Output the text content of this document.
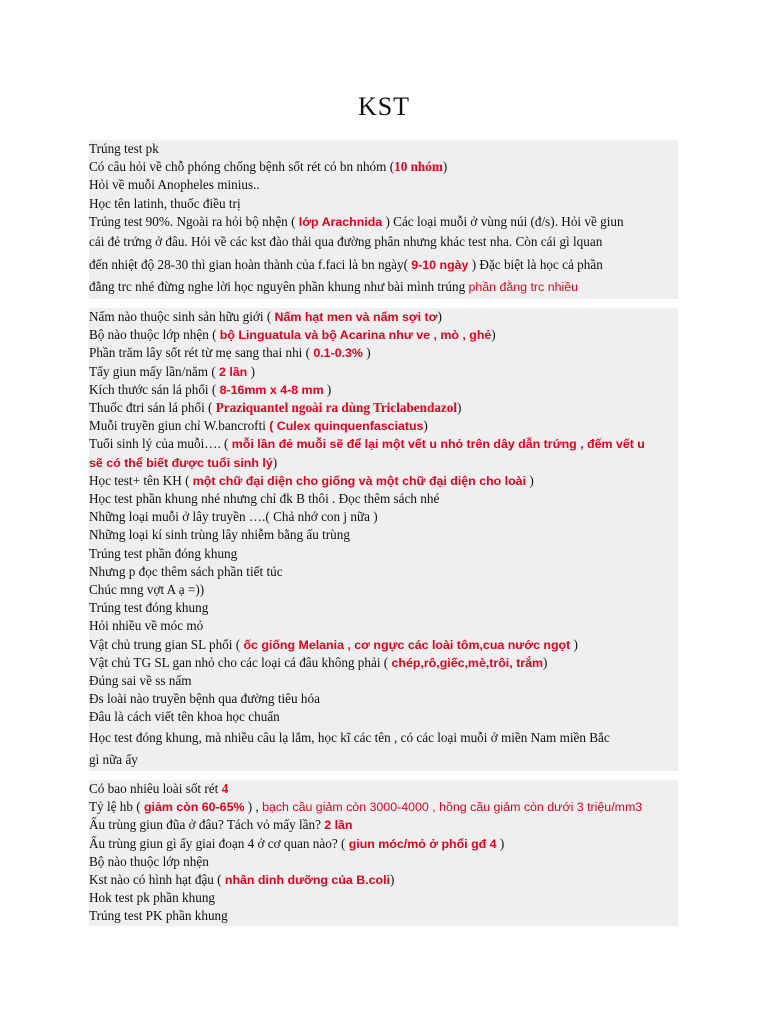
KST
Trúng test pk
Có câu hỏi về chỗ phóng chống bệnh sốt rét có bn nhóm (10 nhóm)
Hỏi về muỗi Anopheles minius..
Học tên latinh, thuốc điều trị
Trúng test 90%. Ngoài ra hỏi bộ nhện ( lớp Arachnida ) Các loại muỗi ở vùng núi (đ/s). Hỏi về giun
cái đẻ trứng ở đâu. Hỏi về các kst đào thải qua đường phân nhưng khác test nha. Còn cái gì lquan
đến nhiệt độ 28-30 thì gian hoàn thành của f.faci là bn ngày( 9-10 ngày ) Đặc biệt là học cả phần
đằng trc nhé đừng nghe lời học nguyên phần khung như bài mình trúng phần đằng trc nhiều
Nấm nào thuộc sinh sản hữu giới ( Nấm hạt men và nấm sợi tơ)
Bộ nào thuộc lớp nhện ( bộ Linguatula và bộ Acarina như ve , mò , ghẻ)
Phần trăm lây sốt rét từ mẹ sang thai nhi ( 0.1-0.3% )
Tẩy giun mấy lần/năm ( 2 lần )
Kích thước sán lá phổi ( 8-16mm x 4-8 mm )
Thuốc đtri sán lá phổi ( Praziquantel ngoài ra dùng Triclabendazol)
Muỗi truyền giun chỉ W.bancrofti ( Culex quinquenfasciatus)
Tuổi sinh lý của muỗi…. ( mỗi lần đẻ muỗi sẽ để lại một vết u nhỏ trên dây dẫn trứng , đếm vết u
sẽ có thể biết được tuổi sinh lý)
Học test+ tên KH ( một chữ đại diện cho giống và một chữ đại diện cho loài )
Học test phần khung nhé nhưng chỉ đk B thôi . Đọc thêm sách nhé
Những loại muỗi ở lây truyền ….( Chả nhớ con j nữa )
Những loại kí sinh trùng lây nhiễm bằng ấu trùng
Trúng test phần đóng khung
Nhưng p đọc thêm sách phần tiết túc
Chúc mng vợt A ạ =))
Trúng test đóng khung
Hỏi nhiều về móc mỏ
Vật chủ trung gian SL phổi ( ốc giống Melania , cơ ngực các loài tôm,cua nước ngọt )
Vật chủ TG SL gan nhỏ cho các loại cá đâu không phải ( chép,rô,giếc,mè,trôi, trắm)
Đúng sai về ss nấm
Đs loài nào truyền bệnh qua đường tiêu hóa
Đâu là cách viết tên khoa học chuẩn
Học test đóng khung, mà nhiều câu lạ lắm, học kĩ các tên , có các loại muỗi ở miền Nam miền Bắc
gì nữa ấy
Có bao nhiêu loài sốt rét 4
Tỷ lệ hb ( giảm còn 60-65% ) , bạch cầu giảm còn 3000-4000 , hồng cầu giảm còn dưới 3 triệu/mm3
Ấu trùng giun đũa ở đâu? Tách vỏ mấy lần? 2 lần
Ấu trùng giun gì ấy giai đoạn 4 ở cơ quan nào? ( giun móc/mỏ ở phổi gđ 4 )
Bộ nào thuộc lớp nhện
Kst nào có hình hạt đậu ( nhân dinh dưỡng của B.coli)
Hok test pk phần khung
Trúng test PK phần khung
